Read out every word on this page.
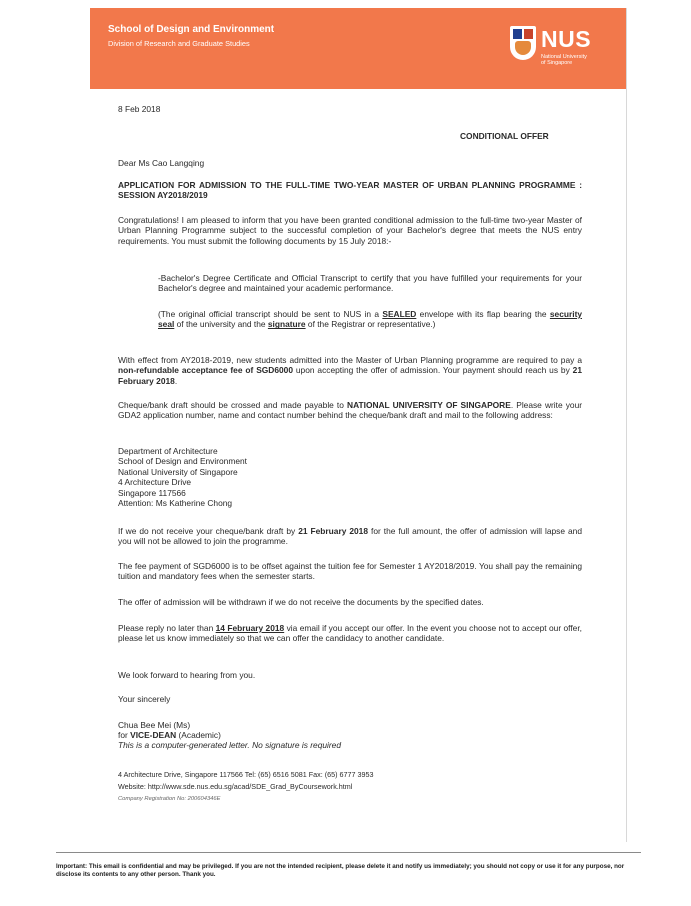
School of Design and Environment
Division of Research and Graduate Studies	NUS
National University
of Singapore
8 Feb 2018
CONDITIONAL OFFER
Dear Ms Cao Langqing
APPLICATION FOR ADMISSION TO THE FULL-TIME TWO-YEAR MASTER OF URBAN PLANNING PROGRAMME : SESSION AY2018/2019
Congratulations! I am pleased to inform that you have been granted conditional admission to the full-time two-year Master of Urban Planning Programme subject to the successful completion of your Bachelor's degree that meets the NUS entry requirements. You must submit the following documents by 15 July 2018:-
-Bachelor's Degree Certificate and Official Transcript to certify that you have fulfilled your requirements for your Bachelor's degree and maintained your academic performance.
(The original official transcript should be sent to NUS in a SEALED envelope with its flap bearing the security seal of the university and the signature of the Registrar or representative.)
With effect from AY2018-2019, new students admitted into the Master of Urban Planning programme are required to pay a non-refundable acceptance fee of SGD6000 upon accepting the offer of admission. Your payment should reach us by 21 February 2018.
Cheque/bank draft should be crossed and made payable to NATIONAL UNIVERSITY OF SINGAPORE. Please write your GDA2 application number, name and contact number behind the cheque/bank draft and mail to the following address:
Department of Architecture
School of Design and Environment
National University of Singapore
4 Architecture Drive
Singapore 117566
Attention: Ms Katherine Chong
If we do not receive your cheque/bank draft by 21 February 2018 for the full amount, the offer of admission will lapse and you will not be allowed to join the programme.
The fee payment of SGD6000 is to be offset against the tuition fee for Semester 1 AY2018/2019. You shall pay the remaining tuition and mandatory fees when the semester starts.
The offer of admission will be withdrawn if we do not receive the documents by the specified dates.
Please reply no later than 14 February 2018 via email if you accept our offer. In the event you choose not to accept our offer, please let us know immediately so that we can offer the candidacy to another candidate.
We look forward to hearing from you.
Your sincerely
Chua Bee Mei (Ms)
for VICE-DEAN (Academic)
This is a computer-generated letter. No signature is required
4 Architecture Drive, Singapore 117566 Tel: (65) 6516 5081 Fax: (65) 6777 3953
Website: http://www.sde.nus.edu.sg/acad/SDE_Grad_ByCoursework.html
Company Registration No: 200604346E
Important: This email is confidential and may be privileged. If you are not the intended recipient, please delete it and notify us immediately; you should not copy or use it for any purpose, nor disclose its contents to any other person. Thank you.
